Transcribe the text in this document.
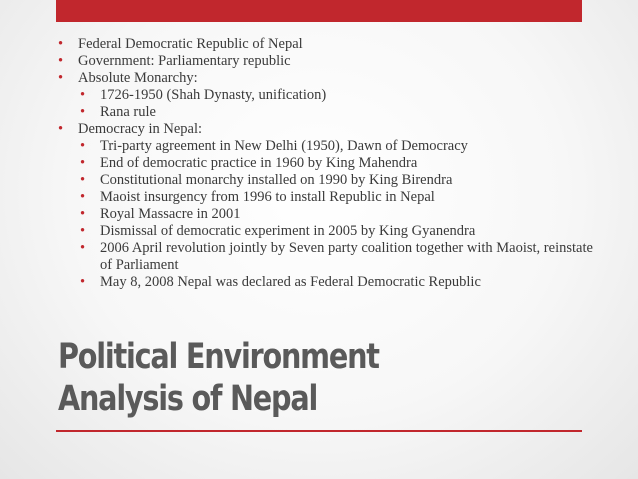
• Federal Democratic Republic of Nepal
• Government: Parliamentary republic
• Absolute Monarchy:
• 1726-1950 (Shah Dynasty, unification)
• Rana rule
• Democracy in Nepal:
• Tri-party agreement in New Delhi (1950), Dawn of Democracy
• End of democratic practice in 1960 by King Mahendra
• Constitutional monarchy installed on 1990 by King Birendra
• Maoist insurgency from 1996 to install Republic in Nepal
• Royal Massacre in 2001
• Dismissal of democratic experiment in 2005 by King Gyanendra
• 2006 April revolution jointly by Seven party coalition together with Maoist, reinstate of Parliament
• May 8, 2008 Nepal was declared as Federal Democratic Republic
Political Environment
Analysis of Nepal
